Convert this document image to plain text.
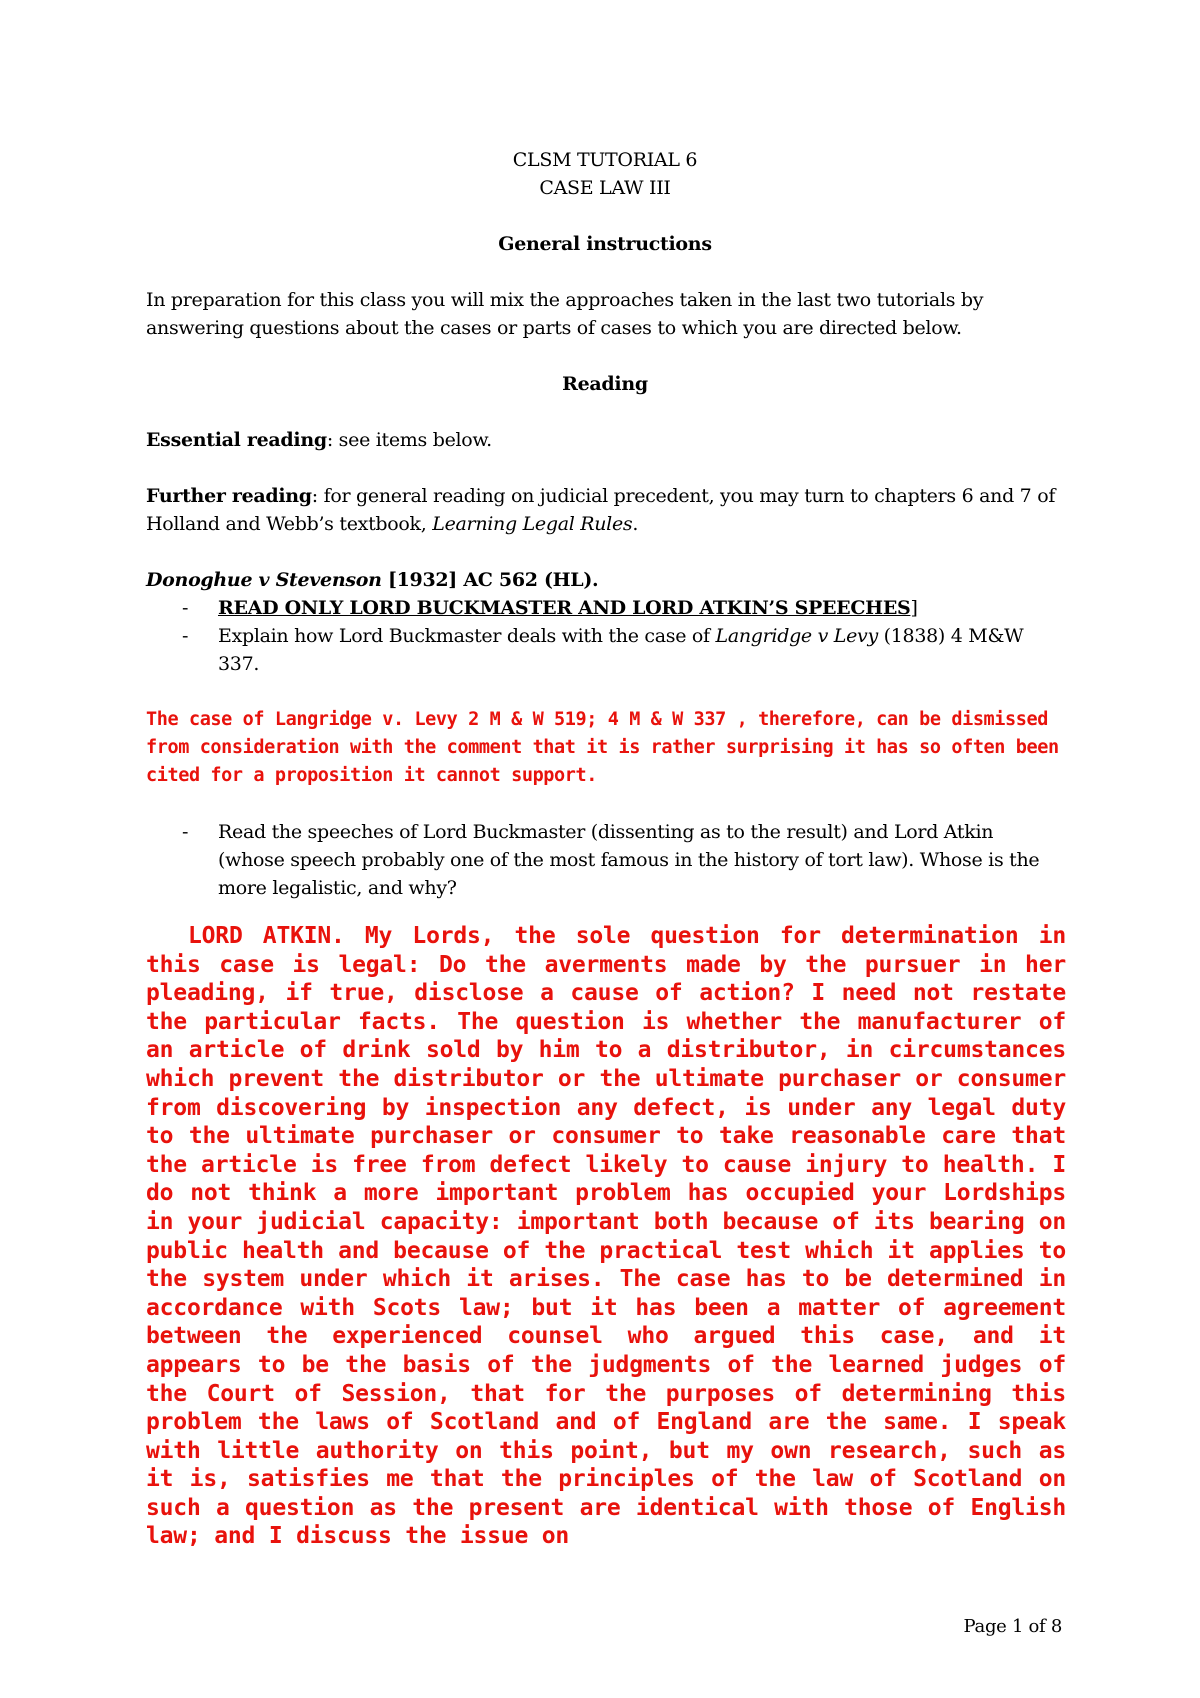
CLSM TUTORIAL 6

CASE LAW III

General instructions

In preparation for this class you will mix the approaches taken in the last two tutorials by answering questions about the cases or parts of cases to which you are directed below.

Reading

Essential reading: see items below.

Further reading: for general reading on judicial precedent, you may turn to chapters 6 and 7 of Holland and Webb’s textbook, Learning Legal Rules.

Donoghue v Stevenson [1932] AC 562 (HL).

- READ ONLY LORD BUCKMASTER AND LORD ATKIN’S SPEECHES]
- Explain how Lord Buckmaster deals with the case of Langridge v Levy (1838) 4 M&W 337.

The case of Langridge v. Levy 2 M & W 519; 4 M & W 337 , therefore, can be dismissed from consideration with the comment that it is rather surprising it has so often been cited for a proposition it cannot support.

- Read the speeches of Lord Buckmaster (dissenting as to the result) and Lord Atkin (whose speech probably one of the most famous in the history of tort law). Whose is the more legalistic, and why?

LORD ATKIN. My Lords, the sole question for determination in this case is legal: Do the averments made by the pursuer in her pleading, if true, disclose a cause of action? I need not restate the particular facts. The question is whether the manufacturer of an article of drink sold by him to a distributor, in circumstances which prevent the distributor or the ultimate purchaser or consumer from discovering by inspection any defect, is under any legal duty to the ultimate purchaser or consumer to take reasonable care that the article is free from defect likely to cause injury to health. I do not think a more important problem has occupied your Lordships in your judicial capacity: important both because of its bearing on public health and because of the practical test which it applies to the system under which it arises. The case has to be determined in accordance with Scots law; but it has been a matter of agreement between the experienced counsel who argued this case, and it appears to be the basis of the judgments of the learned judges of the Court of Session, that for the purposes of determining this problem the laws of Scotland and of England are the same. I speak with little authority on this point, but my own research, such as it is, satisfies me that the principles of the law of Scotland on such a question as the present are identical with those of English law; and I discuss the issue on

Page 1 of 8
